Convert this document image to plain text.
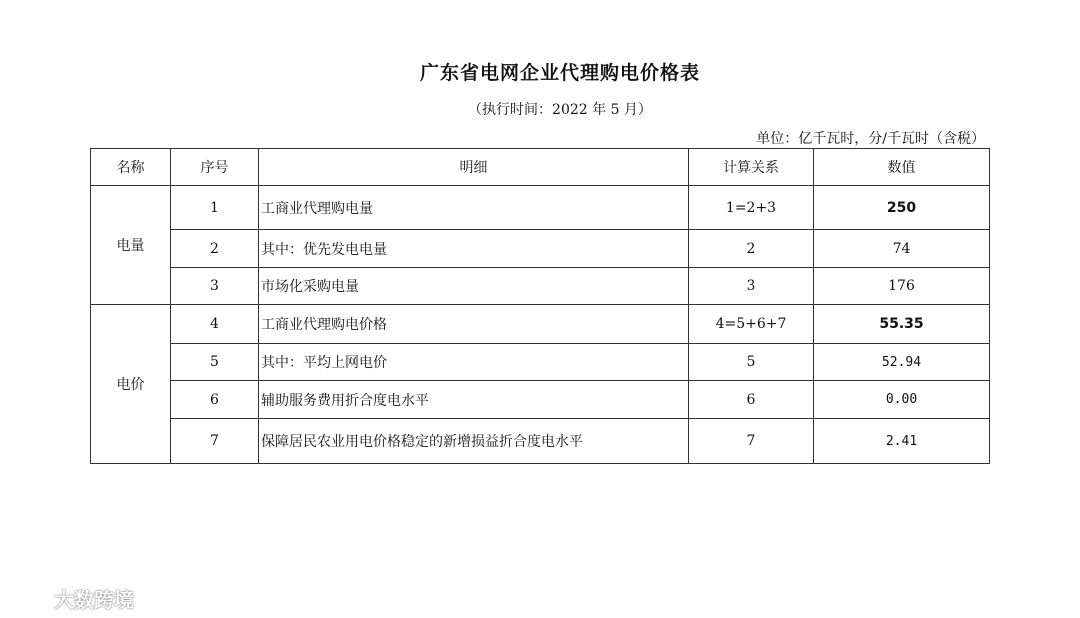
广东省电网企业代理购电价格表
（执行时间：2022 年 5 月）
单位：亿千瓦时，分/千瓦时（含税）
名称	序号	明细	计算关系	数值
电量	1	工商业代理购电量	1=2+3	250
	2	其中：优先发电电量	2	74
	3	市场化采购电量	3	176
电价	4	工商业代理购电价格	4=5+6+7	55.35
	5	其中：平均上网电价	5	52.94
	6	辅助服务费用折合度电水平	6	0.00
	7	保障居民农业用电价格稳定的新增损益折合度电水平	7	2.41
大数跨境
